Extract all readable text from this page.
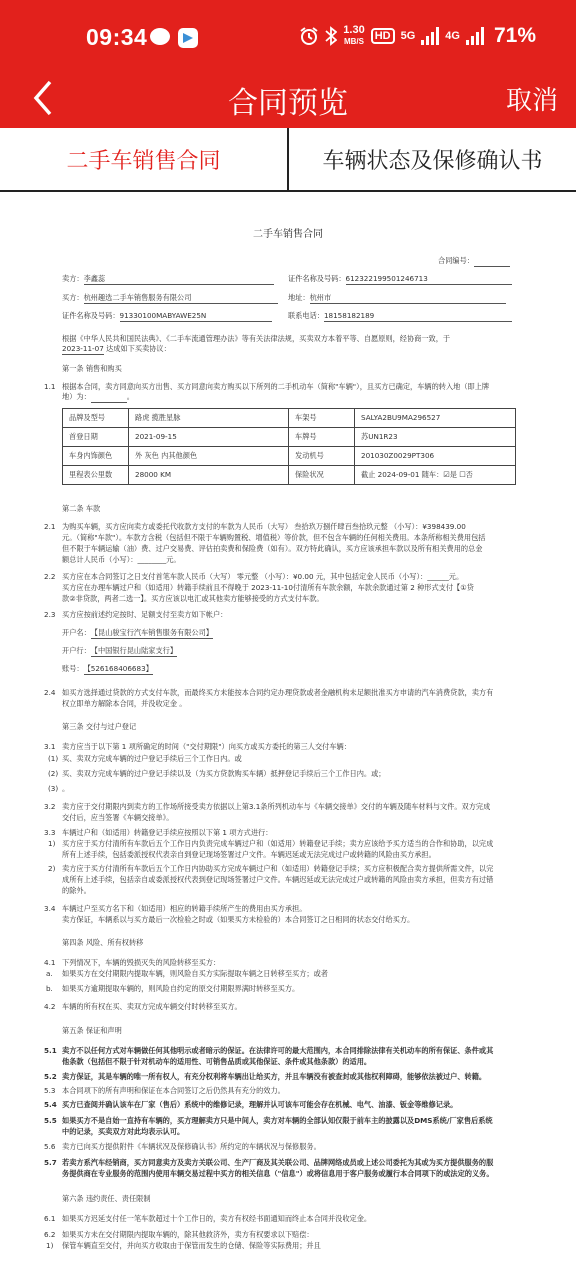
09:34	1.30
MB/S HD 5G	4G 71%
合同预览	取消
二手车销售合同	车辆状态及保修确认书
二手车销售合同
合同编号：
卖方：李鑫蕊	证件名称及号码：612322199501246713
买方：杭州趣选二手车销售服务有限公司	地址：杭州市
证件名称及号码：91330100MABYAWE25N	联系电话：18158182189
根据《中华人民共和国民法典》、《二手车流通管理办法》等有关法律法规，买卖双方本着平等、自愿原则，经协商一致，于
2023-11-07 达成如下买卖协议：
第一条 销售和购买
1.1 根据本合同，卖方同意向买方出售、买方同意向卖方购买以下所列的二手机动车（简称"车辆"），且买方已确定，车辆的转入地（即上牌
地）为：	。
品牌及型号	路虎 揽胜星脉	车架号	SALYA2BU9MA296527
首登日期	2021-09-15	车牌号	苏UN1R23
车身内饰颜色	外 灰色 内其他颜色	发动机号	201030Z0029PT306
里程表公里数	28000 KM	保险状况	截止 2024-09-01 随车：☑是 ☐否
第二条 车款
2.1 为购买车辆，买方应向卖方或委托代收款方支付的车款为人民币（大写） 叁拾玖万捌仟肆百叁拾玖元整 （小写）：¥398439.00
元。（简称"车款"）。车款方含税（包括但不限于车辆购置税、增值税）等价款，但不包含车辆的任何相关费用。本条所称相关费用包括
但不限于车辆运输（油）费、过户交易费、评估拍卖费和保险费（如有）。双方特此确认，买方应该承担车款以及所有相关费用的总金
额总计人民币（小写）：________元。
2.2 买方应在本合同签订之日支付首笔车款人民币（大写） 零元整 （小写）：¥0.00 元，其中包括定金人民币（小写）：______元。
买方应在办理车辆过户和（如适用）转籍手续前且不得晚于 2023-11-10付清所有车款余额，车款余款通过第 2 种形式支付【①贷
款②非贷款，两者二选一】。买方应该以电汇或其他卖方能够接受的方式支付车款。
2.3 买方应按前述约定按时、足额支付至卖方如下帐户：
开户名：【昆山骏宝行汽车销售服务有限公司】
开户行：【中国银行昆山陆家支行】
账号：【526168406683】
2.4 如买方选择通过贷款的方式支付车款，而最终买方未能按本合同约定办理贷款或者金融机构未足额批准买方申请的汽车消费贷款，卖方有
权立即单方解除本合同，并没收定金 。
第三条 交付与过户登记
3.1 卖方应当于以下第 1 项所确定的时间（"交付期限"）向买方或买方委托的第三人交付车辆：
(1) 买、卖双方完成车辆的过户登记手续后三个工作日内。或
(2) 买、卖双方完成车辆的过户登记手续以及（为买方贷款购买车辆）抵押登记手续后三个工作日内。或；
(3) 。
3.2 卖方应于交付期限内到卖方的工作场所接受卖方依据以上第3.1条所列机动车与《车辆交接单》交付的车辆及随车材料与文件。双方完成
交付后，应当签署《车辆交接单》。
3.3 车辆过户和（如适用）转籍登记手续应按照以下第 1 项方式进行：
1) 买方应于买方付清所有车款后五个工作日内负责完成车辆过户和（如适用）转籍登记手续；卖方应该给予买方适当的合作和协助，以完成
所有上述手续，包括委派授权代表亲自到登记现场签署过户文件。车辆迟延或无法完成过户或转籍的风险由买方承担。
2) 卖方应于买方付清所有车款后五个工作日内协助买方完成车辆过户和（如适用）转籍登记手续；买方应积极配合卖方提供所需文件，以完
成所有上述手续，包括亲自或委派授权代表到登记现场签署过户文件。车辆迟延或无法完成过户或转籍的风险由卖方承担，但卖方有过错
的除外。
3.4 车辆过户至买方名下和（如适用）相应的转籍手续所产生的费用由买方承担。
卖方保证，车辆系以与买方最后一次检验之时或（如果买方未检验的）本合同签订之日相同的状态交付给买方。
第四条 风险、所有权转移
4.1 下列情况下，车辆的毁损灭失的风险转移至买方：
a. 如果买方在交付期限内提取车辆，则风险自买方实际提取车辆之日转移至买方；或者
b. 如果买方逾期提取车辆的，则风险自约定的原交付期限界满时转移至买方。
4.2 车辆的所有权在买、卖双方完成车辆交付时转移至买方。
第五条 保证和声明
5.1 卖方不以任何方式对车辆做任何其他明示或者暗示的保证。在法律许可的最大范围内，本合同排除法律有关机动车的所有保证、条件或其
他条款（包括但不限于针对机动车的适用性、可销售品质或其他保证、条件或其他条款）的适用。
5.2 卖方保证，其是车辆的唯一所有权人，有充分权利将车辆出让给买方，并且车辆没有被查封或其他权利障碍，能够依法被过户、转籍。
5.3 本合同项下的所有声明和保证在本合同签订之后仍然具有充分的效力。
5.4 买方已查阅并确认该车在厂家（售后）系统中的维修记录，理解并认可该车可能会存在机械、电气、油漆、钣金等维修记录。
5.5 如果买方不是自始一直持有车辆的，买方理解卖方只是中间人，卖方对车辆的全部认知仅限于前车主的披露以及DMS系统/厂家售后系统
中的记录，买卖双方对此均表示认可。
5.6 卖方已向买方提供附件《车辆状况及保修确认书》所约定的车辆状况与保修服务。
5.7 若卖方系汽车经销商，买方同意卖方及卖方关联公司、生产厂商及其关联公司、品牌网络成员或上述公司委托为其或为买方提供服务的服
务提供商在专业服务的范围内使用车辆交易过程中买方的相关信息（"信息"）或将信息用于客户服务或履行本合同项下的或法定的义务。
第六条 违约责任、责任限制
6.1 如果买方迟延支付任一笔车款超过十个工作日的，卖方有权经书面通知而终止本合同并没收定金。
6.2 如果买方未在交付期限内提取车辆的，除其他救济外，卖方有权要求以下赔偿：
1) 保管车辆直至交付，并向买方收取由于保管而发生的仓储、保险等实际费用；并且
